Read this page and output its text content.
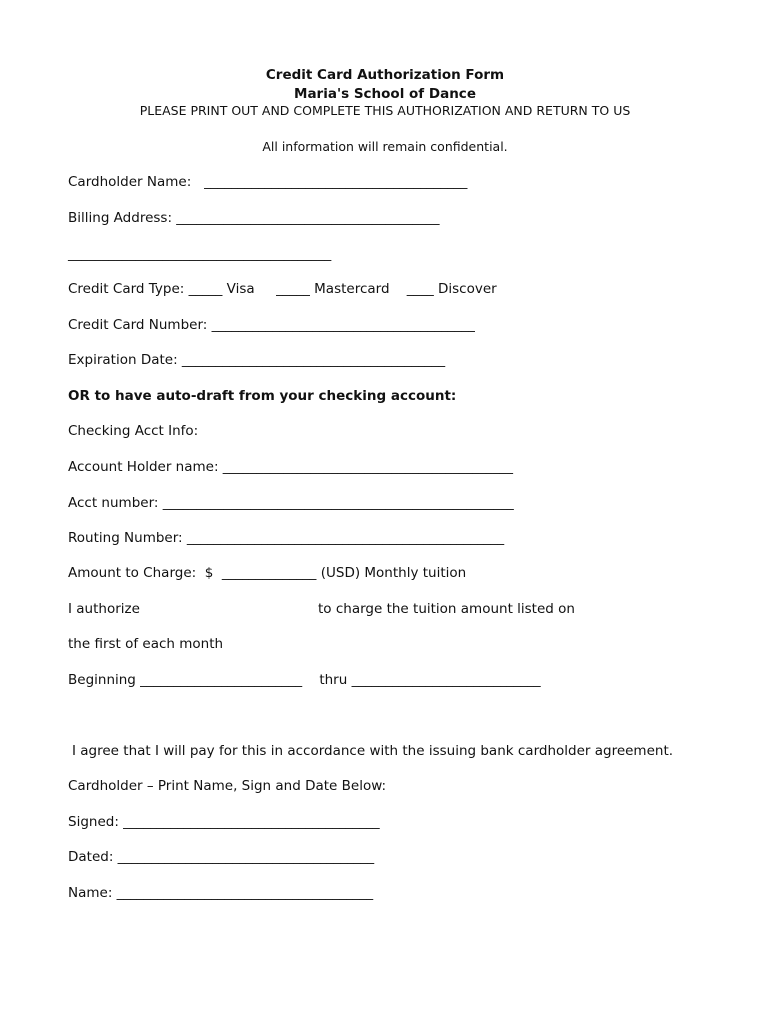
Credit Card Authorization Form
Maria's School of Dance
PLEASE PRINT OUT AND COMPLETE THIS AUTHORIZATION AND RETURN TO US
All information will remain confidential.
Cardholder Name:   _______________________________________
Billing Address: _______________________________________
_______________________________________
Credit Card Type: _____ Visa     _____ Mastercard    ____ Discover
Credit Card Number: _______________________________________
Expiration Date: _______________________________________
OR to have auto-draft from your checking account:
Checking Acct Info:
Account Holder name: ___________________________________________
Acct number: ____________________________________________________
Routing Number: _______________________________________________
Amount to Charge:  $  ______________ (USD) Monthly tuition
I authorize	to charge the tuition amount listed on
the first of each month
Beginning ________________________    thru ____________________________
I agree that I will pay for this in accordance with the issuing bank cardholder agreement.
Cardholder – Print Name, Sign and Date Below:
Signed: ______________________________________
Dated: ______________________________________
Name: ______________________________________
